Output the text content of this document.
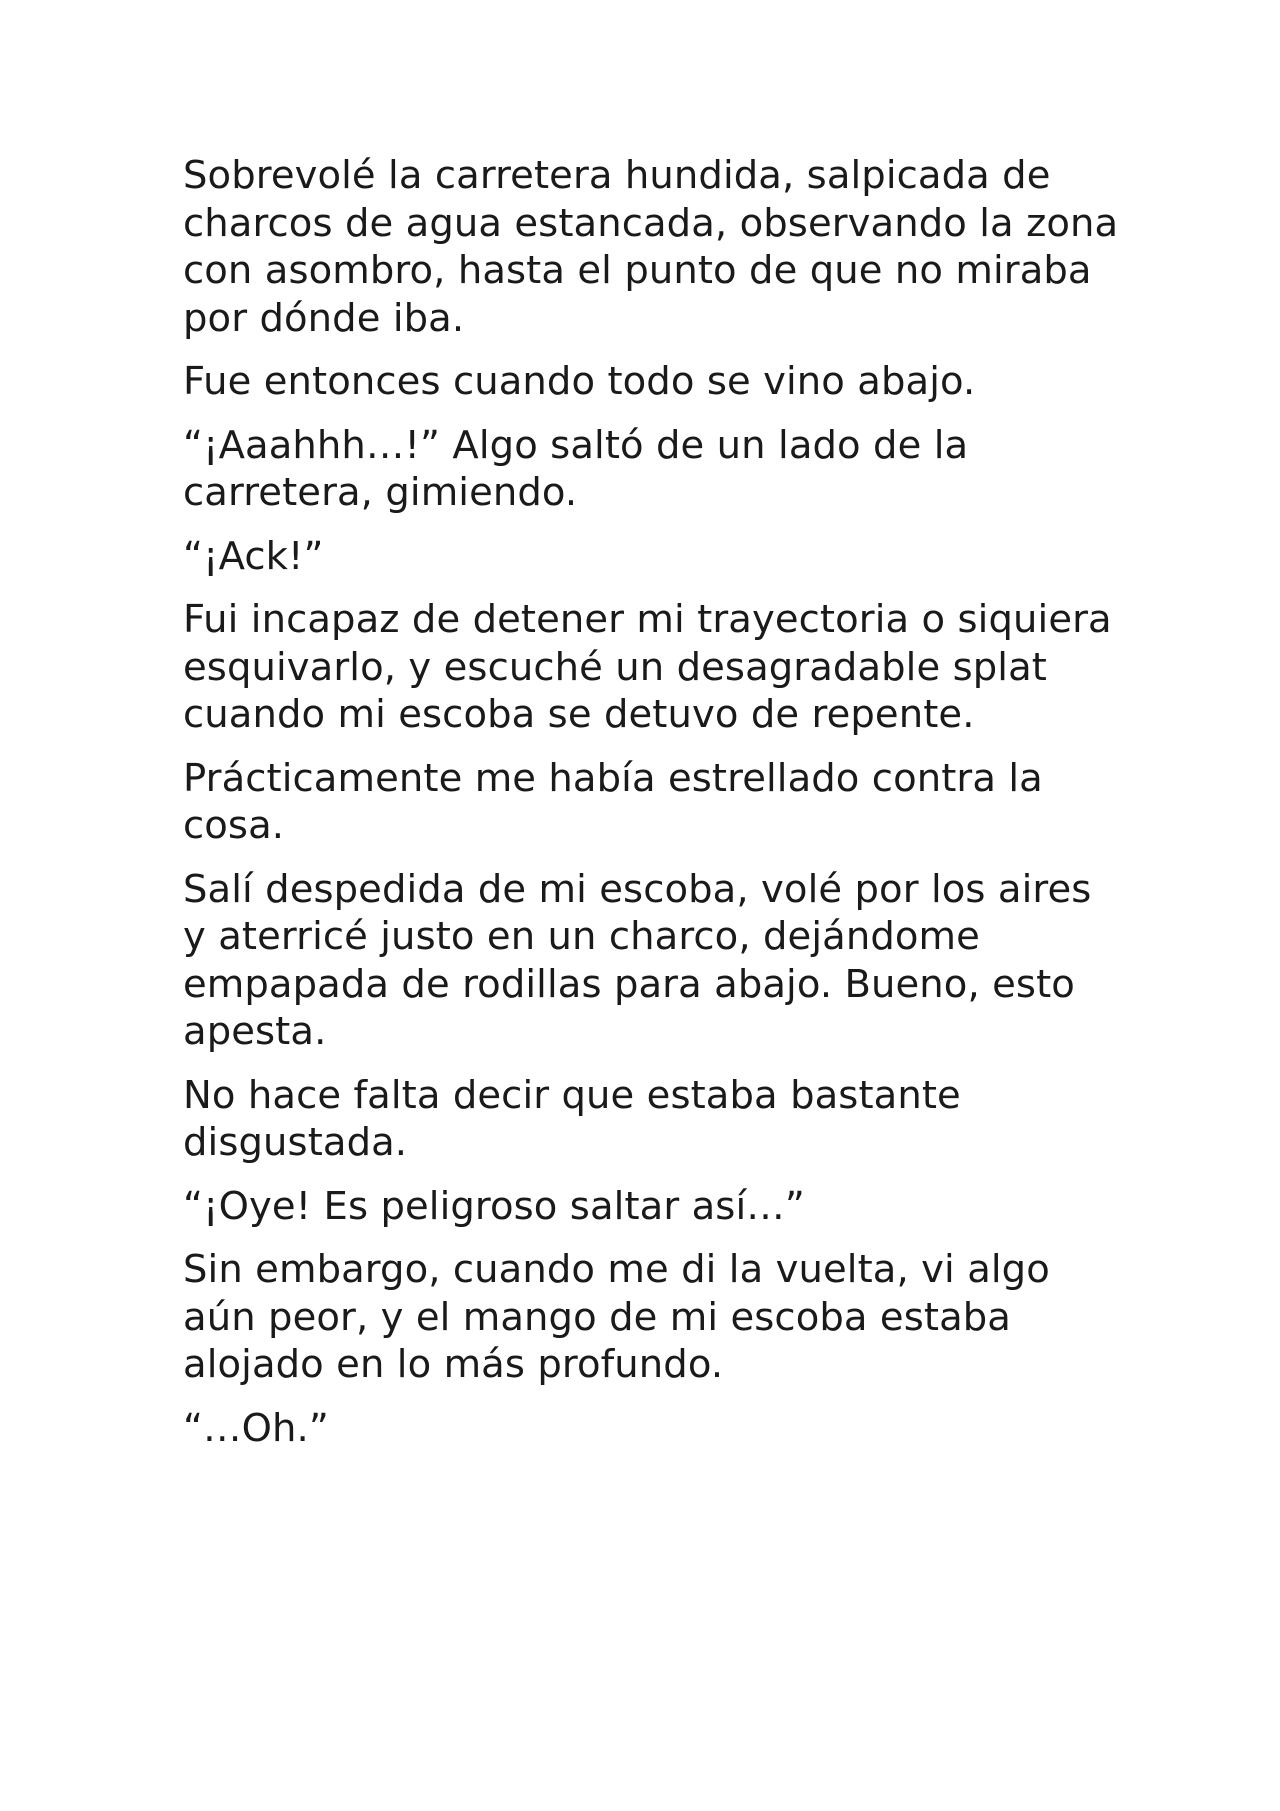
Sobrevolé la carretera hundida, salpicada de charcos de agua estancada, observando la zona con asombro, hasta el punto de que no miraba por dónde iba.

Fue entonces cuando todo se vino abajo.

“¡Aaahhh…!” Algo saltó de un lado de la carretera, gimiendo.

“¡Ack!”

Fui incapaz de detener mi trayectoria o siquiera esquivarlo, y escuché un desagradable splat cuando mi escoba se detuvo de repente.

Prácticamente me había estrellado contra la cosa.

Salí despedida de mi escoba, volé por los aires y aterricé justo en un charco, dejándome empapada de rodillas para abajo. Bueno, esto apesta.

No hace falta decir que estaba bastante disgustada.

“¡Oye! Es peligroso saltar así…”

Sin embargo, cuando me di la vuelta, vi algo aún peor, y el mango de mi escoba estaba alojado en lo más profundo.

“…Oh.”
